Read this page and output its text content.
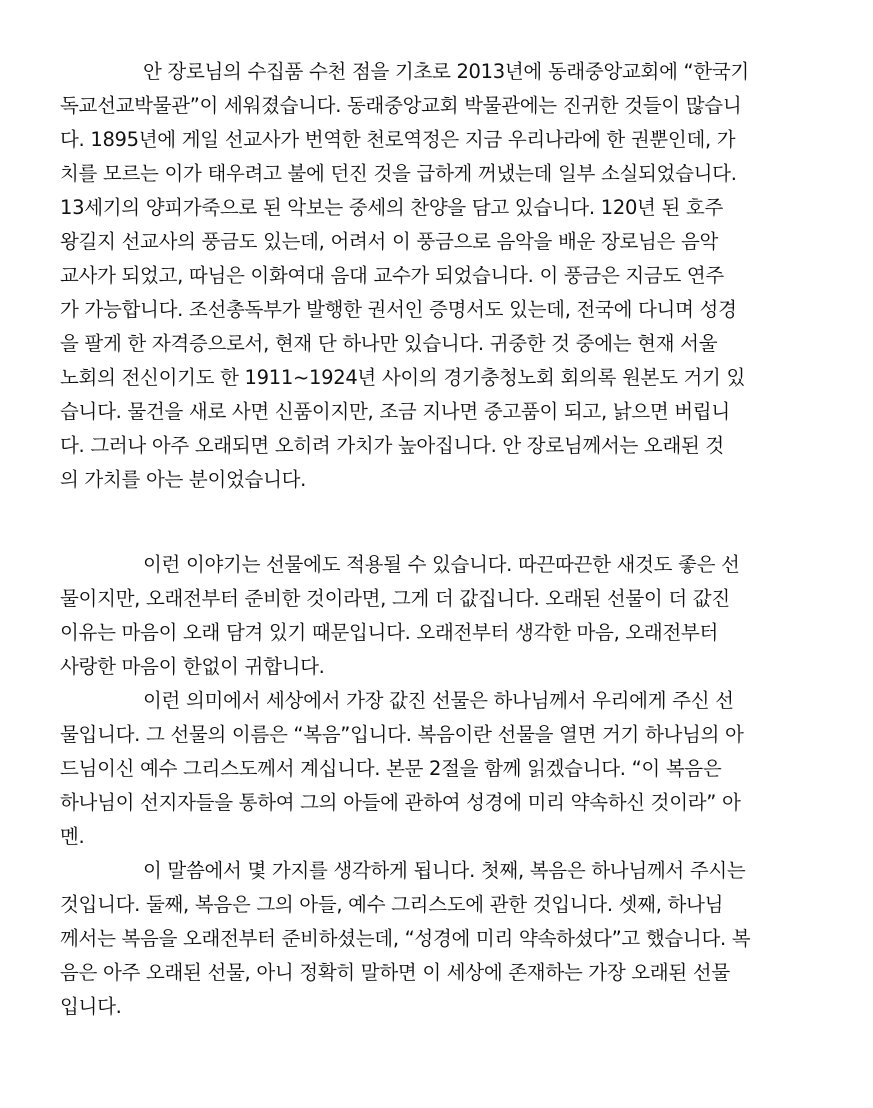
안 장로님의 수집품 수천 점을 기초로 2013년에 동래중앙교회에 “한국기
독교선교박물관”이 세워졌습니다. 동래중앙교회 박물관에는 진귀한 것들이 많습니
다. 1895년에 게일 선교사가 번역한 천로역정은 지금 우리나라에 한 권뿐인데, 가
치를 모르는 이가 태우려고 불에 던진 것을 급하게 꺼냈는데 일부 소실되었습니다.
13세기의 양피가죽으로 된 악보는 중세의 찬양을 담고 있습니다. 120년 된 호주
왕길지 선교사의 풍금도 있는데, 어려서 이 풍금으로 음악을 배운 장로님은 음악
교사가 되었고, 따님은 이화여대 음대 교수가 되었습니다. 이 풍금은 지금도 연주
가 가능합니다. 조선총독부가 발행한 권서인 증명서도 있는데, 전국에 다니며 성경
을 팔게 한 자격증으로서, 현재 단 하나만 있습니다. 귀중한 것 중에는 현재 서울
노회의 전신이기도 한 1911~1924년 사이의 경기충청노회 회의록 원본도 거기 있
습니다. 물건을 새로 사면 신품이지만, 조금 지나면 중고품이 되고, 낡으면 버립니
다. 그러나 아주 오래되면 오히려 가치가 높아집니다. 안 장로님께서는 오래된 것
의 가치를 아는 분이었습니다.
이런 이야기는 선물에도 적용될 수 있습니다. 따끈따끈한 새것도 좋은 선
물이지만, 오래전부터 준비한 것이라면, 그게 더 값집니다. 오래된 선물이 더 값진
이유는 마음이 오래 담겨 있기 때문입니다. 오래전부터 생각한 마음, 오래전부터
사랑한 마음이 한없이 귀합니다.
이런 의미에서 세상에서 가장 값진 선물은 하나님께서 우리에게 주신 선
물입니다. 그 선물의 이름은 “복음”입니다. 복음이란 선물을 열면 거기 하나님의 아
드님이신 예수 그리스도께서 계십니다. 본문 2절을 함께 읽겠습니다. “이 복음은
하나님이 선지자들을 통하여 그의 아들에 관하여 성경에 미리 약속하신 것이라” 아
멘.
이 말씀에서 몇 가지를 생각하게 됩니다. 첫째, 복음은 하나님께서 주시는
것입니다. 둘째, 복음은 그의 아들, 예수 그리스도에 관한 것입니다. 셋째, 하나님
께서는 복음을 오래전부터 준비하셨는데, “성경에 미리 약속하셨다”고 했습니다. 복
음은 아주 오래된 선물, 아니 정확히 말하면 이 세상에 존재하는 가장 오래된 선물
입니다.
